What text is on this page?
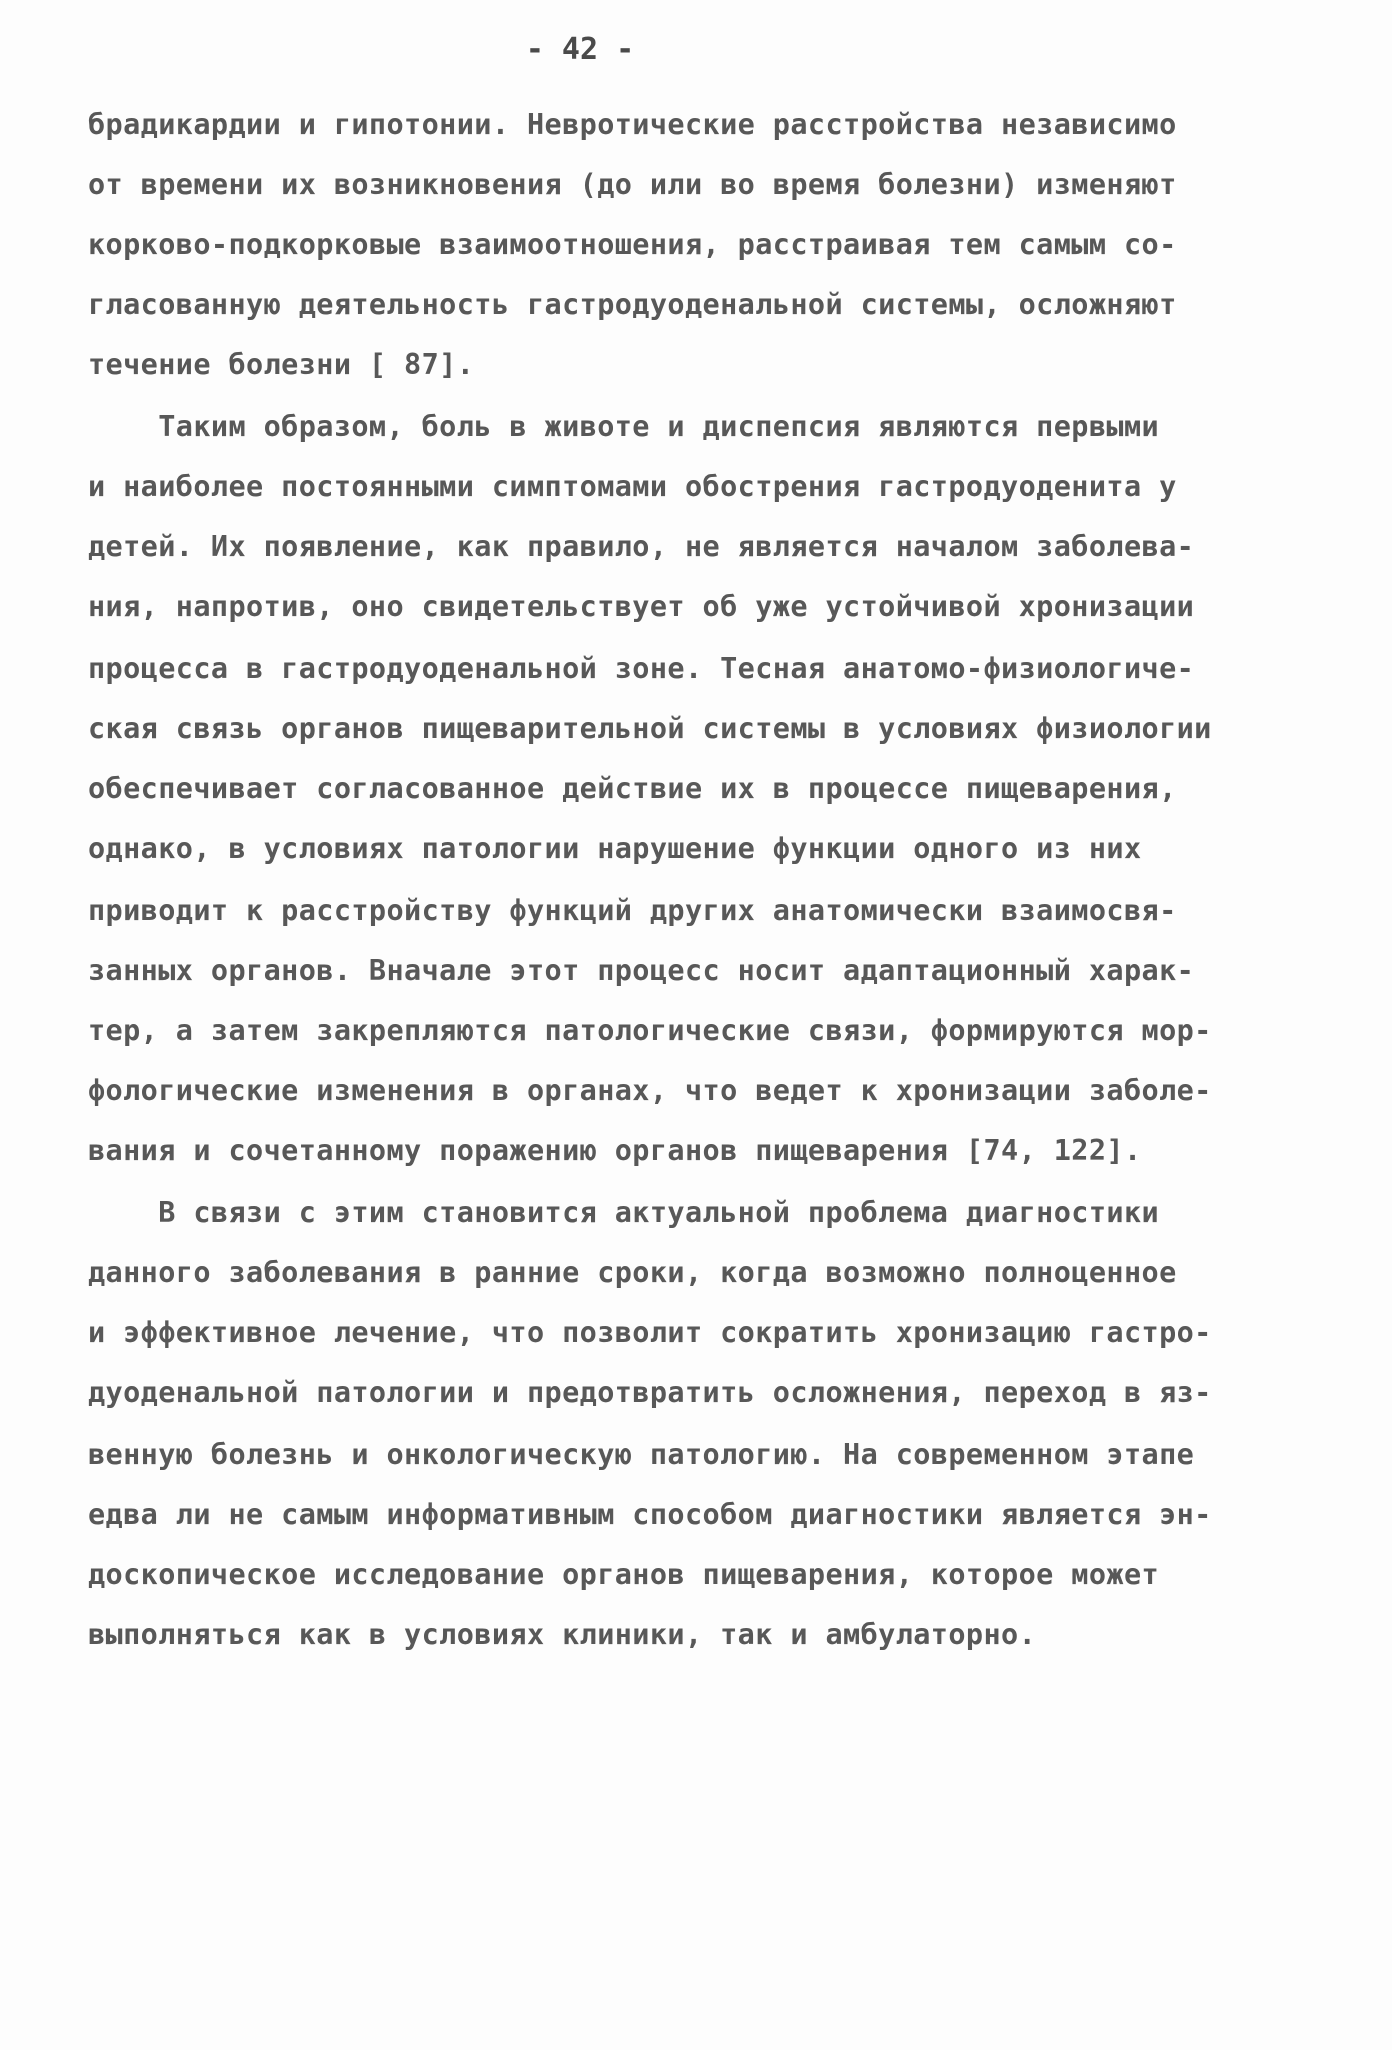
- 42 -
брадикардии и гипотонии. Невротические расстройства независимо
от времени их возникновения (до или во время болезни) изменяют
корково-подкорковые взаимоотношения, расстраивая тем самым со-
гласованную деятельность гастродуоденальной системы, осложняют
течение болезни [ 87].
Таким образом, боль в животе и диспепсия являются первыми
и наиболее постоянными симптомами обострения гастродуоденита у
детей. Их появление, как правило, не является началом заболева-
ния, напротив, оно свидетельствует об уже устойчивой хронизации
процесса в гастродуоденальной зоне. Тесная анатомо-физиологиче-
ская связь органов пищеварительной системы в условиях физиологии
обеспечивает согласованное действие их в процессе пищеварения,
однако, в условиях патологии нарушение функции одного из них
приводит к расстройству функций других анатомически взаимосвя-
занных органов. Вначале этот процесс носит адаптационный харак-
тер, а затем закрепляются патологические связи, формируются мор-
фологические изменения в органах, что ведет к хронизации заболе-
вания и сочетанному поражению органов пищеварения [74, 122].
В связи с этим становится актуальной проблема диагностики
данного заболевания в ранние сроки, когда возможно полноценное
и эффективное лечение, что позволит сократить хронизацию гастро-
дуоденальной патологии и предотвратить осложнения, переход в яз-
венную болезнь и онкологическую патологию. На современном этапе
едва ли не самым информативным способом диагностики является эн-
доскопическое исследование органов пищеварения, которое может
выполняться как в условиях клиники, так и амбулаторно.
